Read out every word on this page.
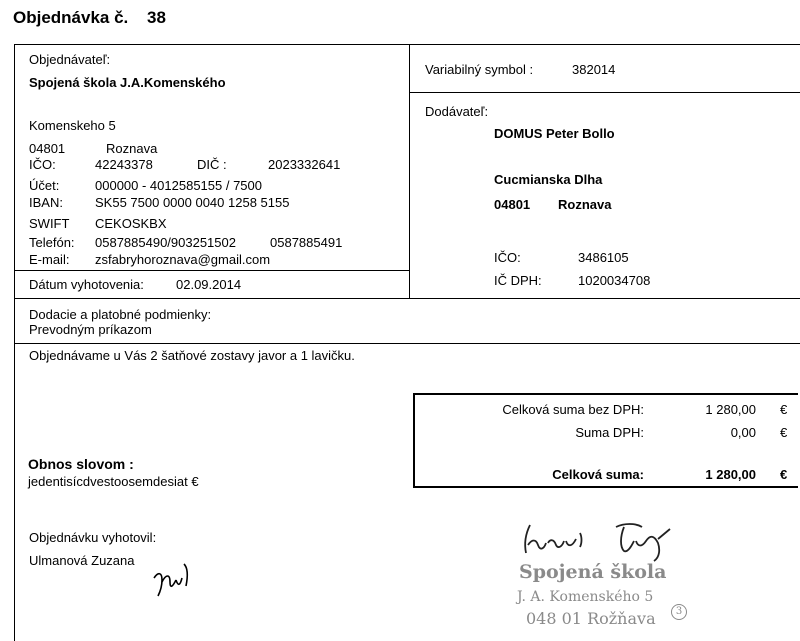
Objednávka č. 38
Objednávateľ:
Spojená škola J.A.Komenského
Komenskeho 5
04801	Roznava
IČO:	42243378	DIČ :	2023332641
Účet:	000000 - 4012585155 / 7500
IBAN: SK55 7500 0000 0040 1258 5155
SWIFT CEKOSKBX
Telefón: 0587885490/903251502	0587885491
E-mail: zsfabryhoroznava@gmail.com
Dátum vyhotovenia: 02.09.2014
Variabilný symbol :	382014
Dodávateľ:
DOMUS Peter Bollo
Cucmianska Dlha
04801 Roznava
IČO:	3486105
IČ DPH:	1020034708
Dodacie a platobné podmienky:
Prevodným príkazom
Objednávame u Vás 2 šatňové zostavy javor a 1 lavičku.
Celková suma bez DPH:	1 280,00 €
Suma DPH:	0,00 €
Celková suma:	1 280,00 €
Obnos slovom :
jedentisícdvestoosemdesiat €
Objednávku vyhotovil:
Ulmanová Zuzana
Spojená škola
J. A. Komenského 5
048 01 Rožňava	3
